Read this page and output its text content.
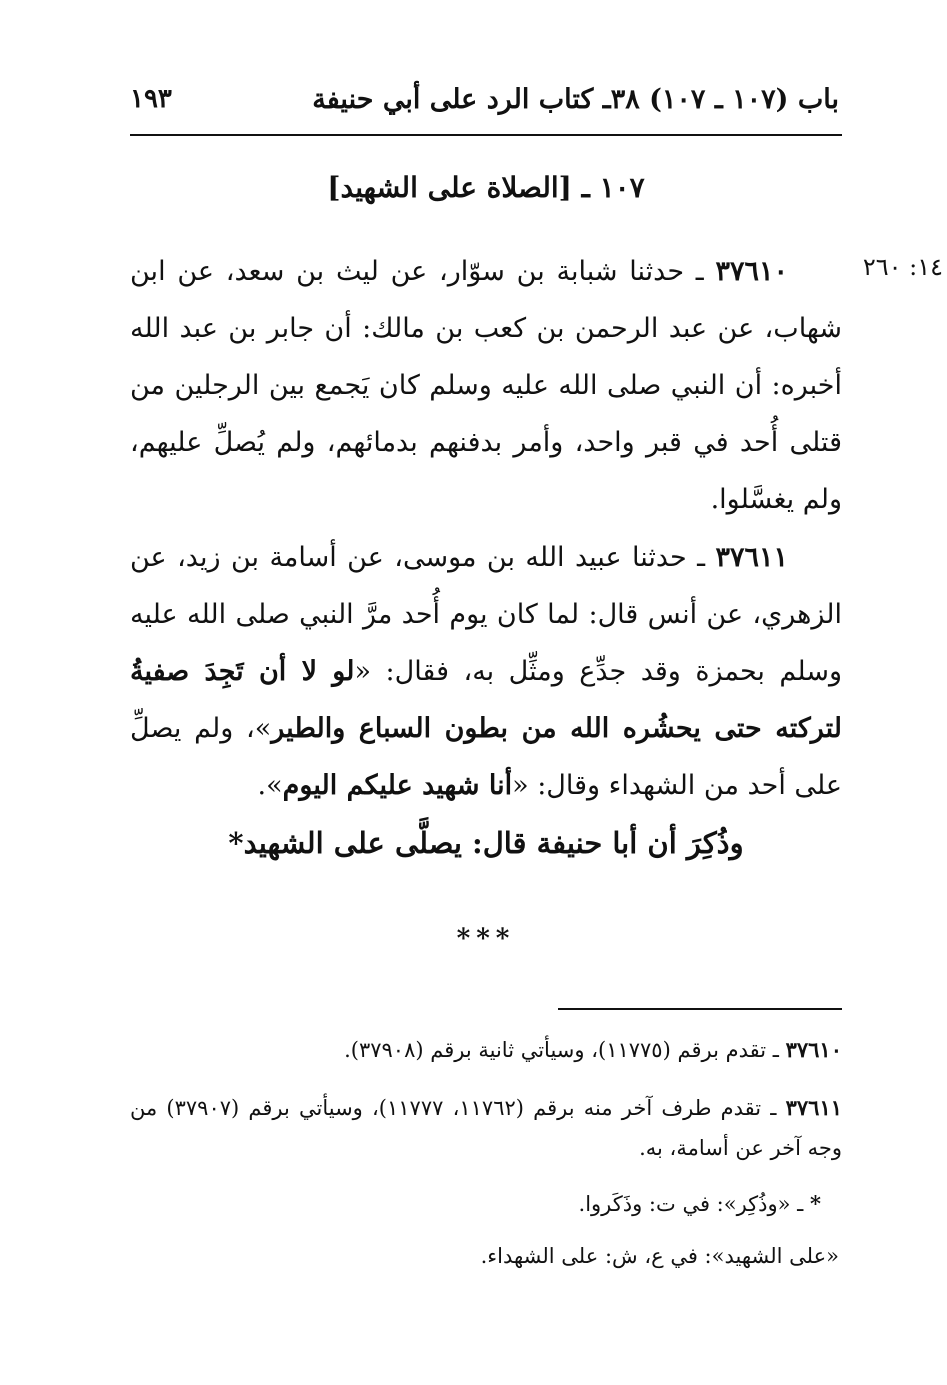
باب (١٠٧ ـ ١٠٧) ٣٨ـ كتاب الرد على أبي حنيفة
١٩٣
١٠٧ ـ [الصلاة على الشهيد]
١٤: ٢٦٠
  ٣٧٦١٠ ـ حدثنا شبابة بن سوّار، عن ليث بن سعد، عن ابن شهاب، عن عبد الرحمن بن كعب بن مالك: أن جابر بن عبد الله أخبره: أن النبي صلى الله عليه وسلم كان يَجمع بين الرجلين من قتلى أُحد في قبر واحد، وأمر بدفنهم بدمائهم، ولم يُصلِّ عليهم، ولم يغسَّلوا.
  ٣٧٦١١ ـ حدثنا عبيد الله بن موسى، عن أسامة بن زيد، عن الزهري، عن أنس قال: لما كان يوم أُحد مرَّ النبي صلى الله عليه وسلم بحمزة وقد جدِّع ومثِّل به، فقال: «لو لا أن تَجِدَ صفيةُ لتركته حتى يحشُره الله من بطون السباع والطير»، ولم يصلِّ على أحد من الشهداء وقال: «أنا شهيد عليكم اليوم».
وذُكِرَ أن أبا حنيفة قال: يصلَّى على الشهيد*
***
٣٧٦١٠ ـ تقدم برقم (١١٧٧٥)، وسيأتي ثانية برقم (٣٧٩٠٨).
٣٧٦١١ ـ تقدم طرف آخر منه برقم (١١٧٦٢، ١١٧٧٧)، وسيأتي برقم (٣٧٩٠٧) من وجه آخر عن أسامة، به.
* ـ «وذُكِر»: في ت: وذَكَروا.
«على الشهيد»: في ع، ش: على الشهداء.
